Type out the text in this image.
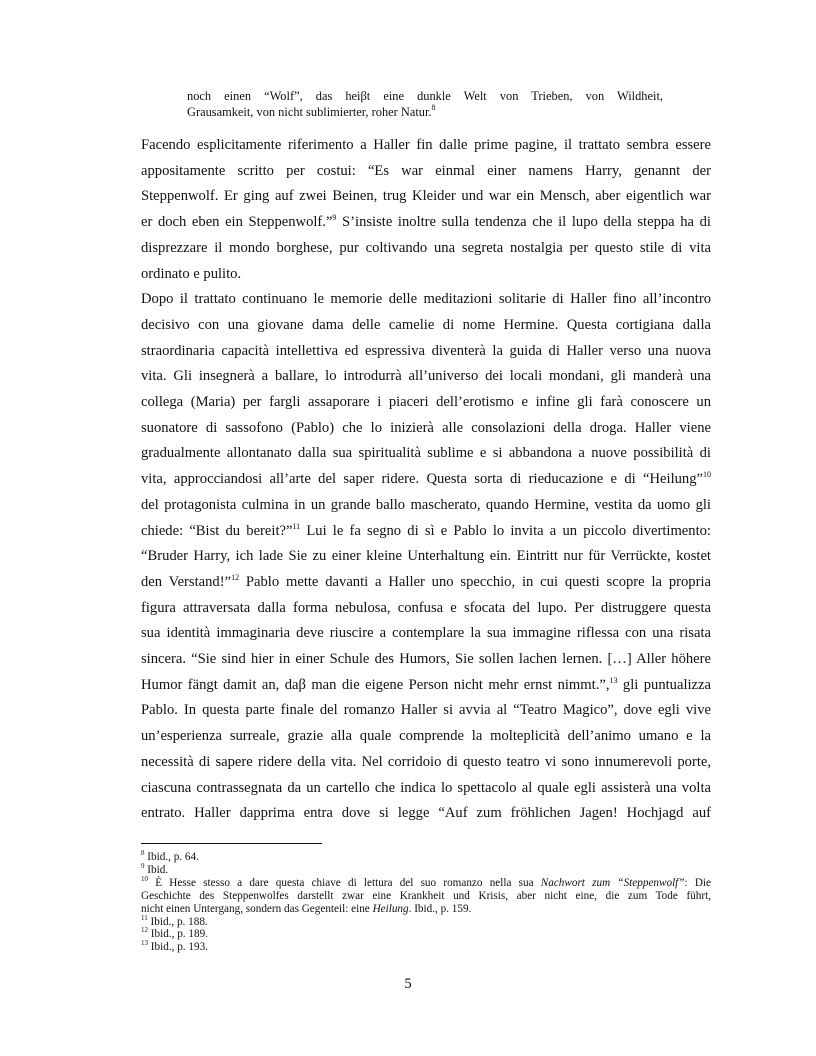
noch einen “Wolf”, das heiβt eine dunkle Welt von Trieben, von Wildheit,
Grausamkeit, von nicht sublimierter, roher Natur.$^8$

Facendo esplicitamente riferimento a Haller fin dalle prime pagine, il trattato sembra essere
appositamente scritto per costui: “Es war einmal einer namens Harry, genannt der
Steppenwolf. Er ging auf zwei Beinen, trug Kleider und war ein Mensch, aber eigentlich war
er doch eben ein Steppenwolf.”$^9$ S’insiste inoltre sulla tendenza che il lupo della steppa ha di
disprezzare il mondo borghese, pur coltivando una segreta nostalgia per questo stile di vita
ordinato e pulito.

Dopo il trattato continuano le memorie delle meditazioni solitarie di Haller fino all’incontro
decisivo con una giovane dama delle camelie di nome Hermine. Questa cortigiana dalla
straordinaria capacità intellettiva ed espressiva diventerà la guida di Haller verso una nuova
vita. Gli insegnerà a ballare, lo introdurrà all’universo dei locali mondani, gli manderà una
collega (Maria) per fargli assaporare i piaceri dell’erotismo e infine gli farà conoscere un
suonatore di sassofono (Pablo) che lo inizierà alle consolazioni della droga. Haller viene
gradualmente allontanato dalla sua spiritualità sublime e si abbandona a nuove possibilità di
vita, approcciandosi all’arte del saper ridere. Questa sorta di rieducazione e di “Heilung”$^{10}$
del protagonista culmina in un grande ballo mascherato, quando Hermine, vestita da uomo gli
chiede: “Bist du bereit?”$^{11}$ Lui le fa segno di sì e Pablo lo invita a un piccolo divertimento:
“Bruder Harry, ich lade Sie zu einer kleine Unterhaltung ein. Eintritt nur für Verrückte, kostet
den Verstand!”$^{12}$ Pablo mette davanti a Haller uno specchio, in cui questi scopre la propria
figura attraversata dalla forma nebulosa, confusa e sfocata del lupo. Per distruggere questa
sua identità immaginaria deve riuscire a contemplare la sua immagine riflessa con una risata
sincera. “Sie sind hier in einer Schule des Humors, Sie sollen lachen lernen. […] Aller höhere
Humor fängt damit an, daβ man die eigene Person nicht mehr ernst nimmt.”,$^{13}$ gli puntualizza
Pablo. In questa parte finale del romanzo Haller si avvia al “Teatro Magico”, dove egli vive
un’esperienza surreale, grazie alla quale comprende la molteplicità dell’animo umano e la
necessità di sapere ridere della vita. Nel corridoio di questo teatro vi sono innumerevoli porte,
ciascuna contrassegnata da un cartello che indica lo spettacolo al quale egli assisterà una volta
entrato. Haller dapprima entra dove si legge “Auf zum fröhlichen Jagen! Hochjagd auf

$^8$ Ibid., p. 64.
$^9$ Ibid.
$^{10}$ È Hesse stesso a dare questa chiave di lettura del suo romanzo nella sua Nachwort zum “Steppenwolf”: Die
Geschichte des Steppenwolfes darstellt zwar eine Krankheit und Krisis, aber nicht eine, die zum Tode führt,
nicht einen Untergang, sondern das Gegenteil: eine Heilung. Ibid., p. 159.
$^{11}$ Ibid., p. 188.
$^{12}$ Ibid., p. 189.
$^{13}$ Ibid., p. 193.
5
